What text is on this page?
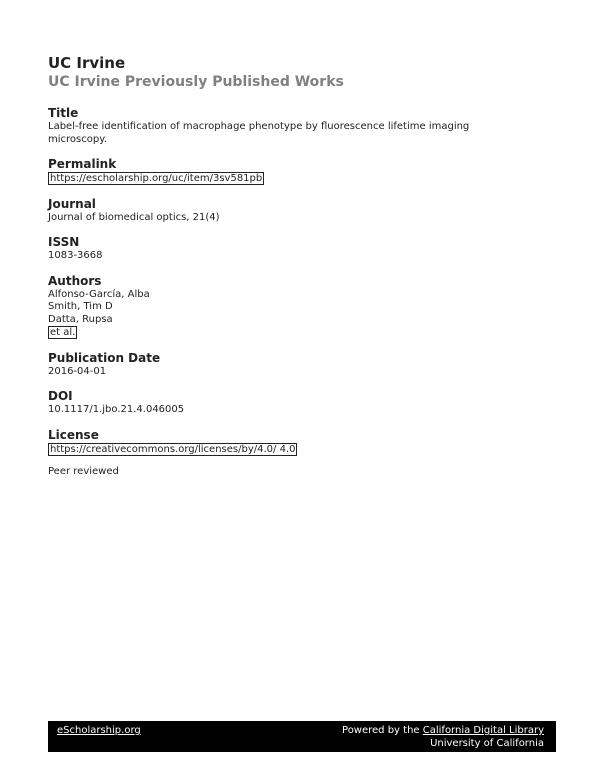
UC Irvine
UC Irvine Previously Published Works
Title
Label-free identification of macrophage phenotype by fluorescence lifetime imaging
microscopy.
Permalink
https://escholarship.org/uc/item/3sv581pb
Journal
Journal of biomedical optics, 21(4)
ISSN
1083-3668
Authors
Alfonso-García, Alba
Smith, Tim D
Datta, Rupsa
et al.
Publication Date
2016-04-01
DOI
10.1117/1.jbo.21.4.046005
License
https://creativecommons.org/licenses/by/4.0/ 4.0
Peer reviewed
eScholarship.org	Powered by the California Digital Library
University of California
